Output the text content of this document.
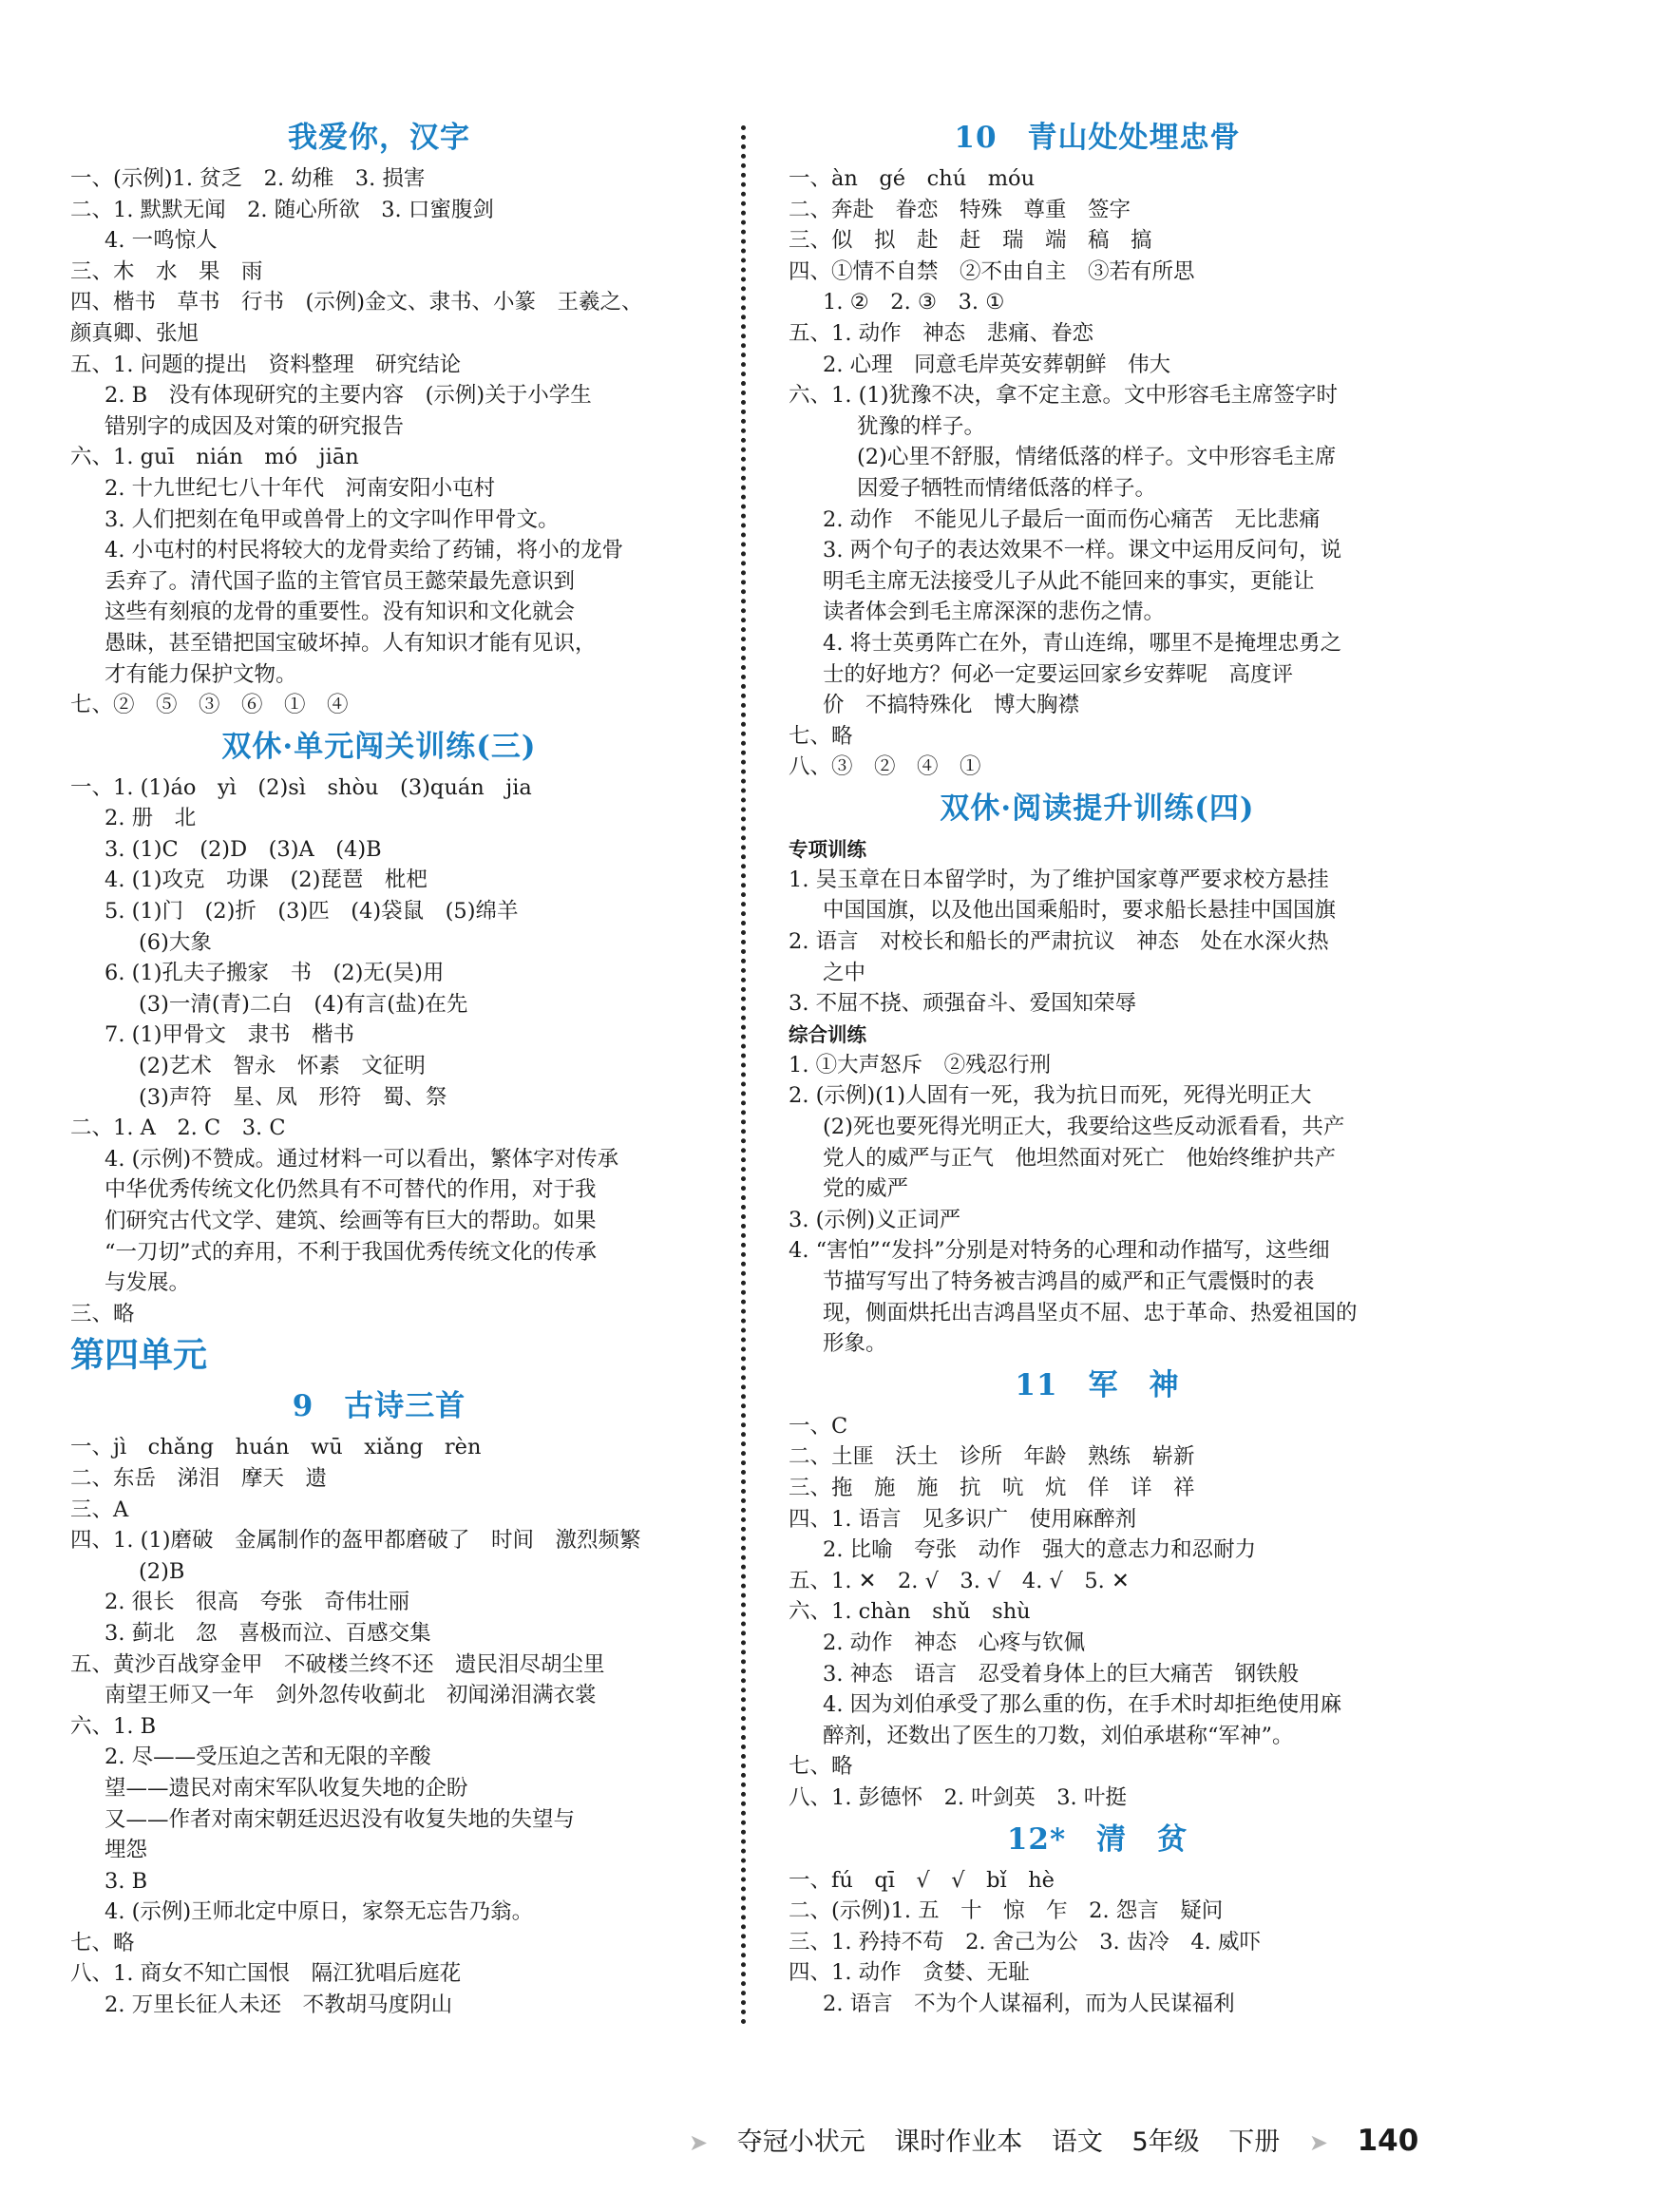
我爱你，汉字
一、(示例)1. 贫乏　2. 幼稚　3. 损害
二、1. 默默无闻　2. 随心所欲　3. 口蜜腹剑
4. 一鸣惊人
三、木　水　果　雨
四、楷书　草书　行书　(示例)金文、隶书、小篆　王羲之、
颜真卿、张旭
五、1. 问题的提出　资料整理　研究结论
2. B　没有体现研究的主要内容　(示例)关于小学生
错别字的成因及对策的研究报告
六、1. guī　nián　mó　jiān
2. 十九世纪七八十年代　河南安阳小屯村
3. 人们把刻在龟甲或兽骨上的文字叫作甲骨文。
4. 小屯村的村民将较大的龙骨卖给了药铺，将小的龙骨
丢弃了。清代国子监的主管官员王懿荣最先意识到
这些有刻痕的龙骨的重要性。没有知识和文化就会
愚昧，甚至错把国宝破坏掉。人有知识才能有见识，
才有能力保护文物。
七、②　⑤　③　⑥　①　④
双休·单元闯关训练(三)
一、1. (1)áo　yì　(2)sì　shòu　(3)quán　jia
2. 册　北
3. (1)C　(2)D　(3)A　(4)B
4. (1)攻克　功课　(2)琵琶　枇杷
5. (1)门　(2)折　(3)匹　(4)袋鼠　(5)绵羊
(6)大象
6. (1)孔夫子搬家　书　(2)无(吴)用
(3)一清(青)二白　(4)有言(盐)在先
7. (1)甲骨文　隶书　楷书
(2)艺术　智永　怀素　文征明
(3)声符　星、凤　形符　蜀、祭
二、1. A　2. C　3. C
4. (示例)不赞成。通过材料一可以看出，繁体字对传承
中华优秀传统文化仍然具有不可替代的作用，对于我
们研究古代文学、建筑、绘画等有巨大的帮助。如果
“一刀切”式的弃用，不利于我国优秀传统文化的传承
与发展。
三、略
第四单元
9　古诗三首
一、jì　chǎng　huán　wū　xiǎng　rèn
二、东岳　涕泪　摩天　遗
三、A
四、1. (1)磨破　金属制作的盔甲都磨破了　时间　激烈频繁
(2)B
2. 很长　很高　夸张　奇伟壮丽
3. 蓟北　忽　喜极而泣、百感交集
五、黄沙百战穿金甲　不破楼兰终不还　遗民泪尽胡尘里
南望王师又一年　剑外忽传收蓟北　初闻涕泪满衣裳
六、1. B
2. 尽——受压迫之苦和无限的辛酸
望——遗民对南宋军队收复失地的企盼
又——作者对南宋朝廷迟迟没有收复失地的失望与
埋怨
3. B
4. (示例)王师北定中原日，家祭无忘告乃翁。
七、略
八、1. 商女不知亡国恨　隔江犹唱后庭花
2. 万里长征人未还　不教胡马度阴山
10　青山处处埋忠骨
一、àn　gé　chú　móu
二、奔赴　眷恋　特殊　尊重　签字
三、似　拟　赴　赶　瑞　端　稿　搞
四、①情不自禁　②不由自主　③若有所思
1. ②　2. ③　3. ①
五、1. 动作　神态　悲痛、眷恋
2. 心理　同意毛岸英安葬朝鲜　伟大
六、1. (1)犹豫不决，拿不定主意。文中形容毛主席签字时
犹豫的样子。
(2)心里不舒服，情绪低落的样子。文中形容毛主席
因爱子牺牲而情绪低落的样子。
2. 动作　不能见儿子最后一面而伤心痛苦　无比悲痛
3. 两个句子的表达效果不一样。课文中运用反问句，说
明毛主席无法接受儿子从此不能回来的事实，更能让
读者体会到毛主席深深的悲伤之情。
4. 将士英勇阵亡在外，青山连绵，哪里不是掩埋忠勇之
士的好地方？何必一定要运回家乡安葬呢　高度评
价　不搞特殊化　博大胸襟
七、略
八、③　②　④　①
双休·阅读提升训练(四)
专项训练
1. 吴玉章在日本留学时，为了维护国家尊严要求校方悬挂
中国国旗，以及他出国乘船时，要求船长悬挂中国国旗
2. 语言　对校长和船长的严肃抗议　神态　处在水深火热
之中
3. 不屈不挠、顽强奋斗、爱国知荣辱
综合训练
1. ①大声怒斥　②残忍行刑
2. (示例)(1)人固有一死，我为抗日而死，死得光明正大
(2)死也要死得光明正大，我要给这些反动派看看，共产
党人的威严与正气　他坦然面对死亡　他始终维护共产
党的威严
3. (示例)义正词严
4. “害怕”“发抖”分别是对特务的心理和动作描写，这些细
节描写写出了特务被吉鸿昌的威严和正气震慑时的表
现，侧面烘托出吉鸿昌坚贞不屈、忠于革命、热爱祖国的
形象。
11　军　神
一、C
二、土匪　沃土　诊所　年龄　熟练　崭新
三、拖　施　施　抗　吭　炕　佯　详　祥
四、1. 语言　见多识广　使用麻醉剂
2. 比喻　夸张　动作　强大的意志力和忍耐力
五、1. ✕　2. √　3. √　4. √　5. ✕
六、1. chàn　shǔ　shù
2. 动作　神态　心疼与钦佩
3. 神态　语言　忍受着身体上的巨大痛苦　钢铁般
4. 因为刘伯承受了那么重的伤，在手术时却拒绝使用麻
醉剂，还数出了医生的刀数，刘伯承堪称“军神”。
七、略
八、1. 彭德怀　2. 叶剑英　3. 叶挺
12*　清　贫
一、fú　qī　√　√　bǐ　hè
二、(示例)1. 五　十　惊　乍　2. 怨言　疑问
三、1. 矜持不苟　2. 舍己为公　3. 齿冷　4. 威吓
四、1. 动作　贪婪、无耻
2. 语言　不为个人谋福利，而为人民谋福利
➤ 夺冠小状元 课时作业本 语文 5年级 下册 ➤ 140
